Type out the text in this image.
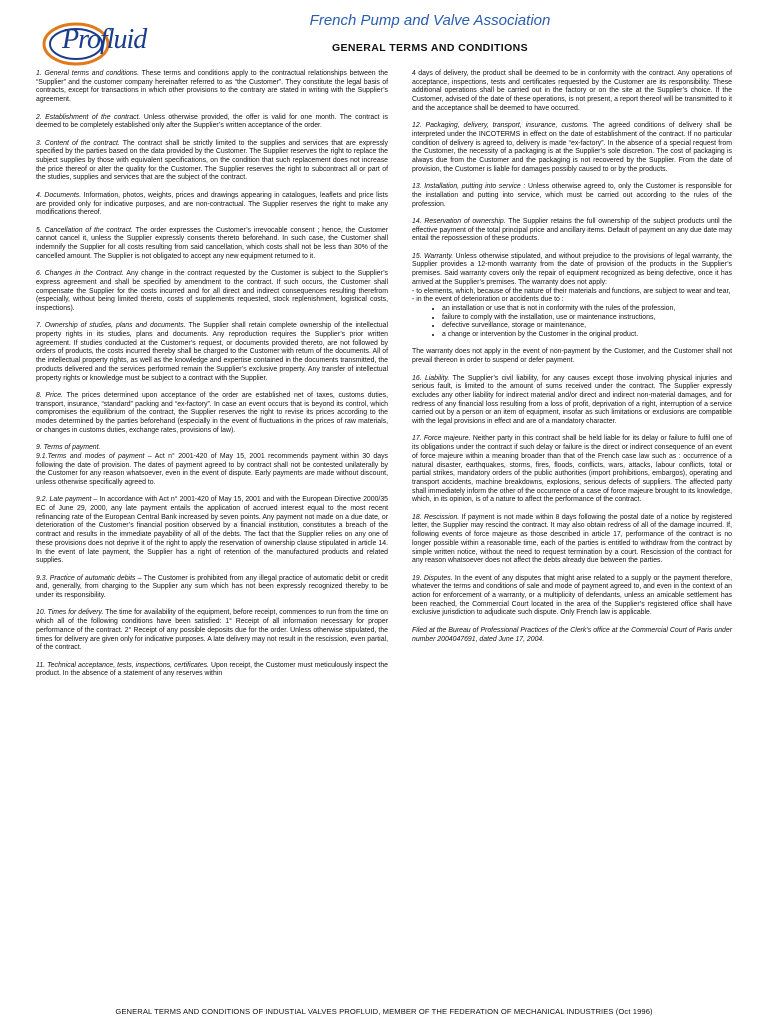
Profluid
French Pump and Valve Association
GENERAL TERMS AND CONDITIONS

1. General terms and conditions. These terms and conditions apply to the contractual relationships between the “Supplier” and the customer company hereinafter referred to as “the Customer”. They constitute the legal basis of contracts, except for transactions in which other provisions to the contrary are stated in writing with the Supplier’s agreement.

2. Establishment of the contract. Unless otherwise provided, the offer is valid for one month. The contract is deemed to be completely established only after the Supplier’s written acceptance of the order.

3. Content of the contract. The contract shall be strictly limited to the supplies and services that are expressly specified by the parties based on the data provided by the Customer. The Supplier reserves the right to replace the subject supplies by those with equivalent specifications, on the condition that such replacement does not increase the price thereof or alter the quality for the Customer. The Supplier reserves the right to subcontract all or part of the studies, supplies and services that are the subject of the contract.

4. Documents. Information, photos, weights, prices and drawings appearing in catalogues, leaflets and price lists are provided only for indicative purposes, and are non-contractual. The Supplier reserves the right to make any modifications thereof.

5. Cancellation of the contract. The order expresses the Customer’s irrevocable consent ; hence, the Customer cannot cancel it, unless the Supplier expressly consents thereto beforehand. In such case, the Customer shall indemnify the Supplier for all costs resulting from said cancellation, which costs shall not be less than 30% of the cancelled amount. The Supplier is not obligated to accept any new equipment returned to it.

6. Changes in the Contract. Any change in the contract requested by the Customer is subject to the Supplier’s express agreement and shall be specified by amendment to the contract. If such occurs, the Customer shall compensate the Supplier for the costs incurred and for all direct and indirect consequences resulting therefrom (especially, without being limited thereto, costs of supplements requested, stock replenishment, logistical costs, inspections).

7. Ownership of studies, plans and documents. The Supplier shall retain complete ownership of the intellectual property rights in its studies, plans and documents. Any reproduction requires the Supplier’s prior written agreement. If studies conducted at the Customer’s request, or documents provided thereto, are not followed by orders of products, the costs incurred thereby shall be charged to the Customer with return of the documents. All of the intellectual property rights, as well as the knowledge and expertise contained in the documents transmitted, the products delivered and the services performed remain the Supplier’s exclusive property. Any transfer of intellectual property rights or knowledge must be subject to a contract with the Supplier.

8. Price. The prices determined upon acceptance of the order are established net of taxes, customs duties, transport, insurance, “standard” packing and “ex-factory”. In case an event occurs that is beyond its control, which compromises the equilibrium of the contract, the Supplier reserves the right to revise its prices according to the modes determined by the parties beforehand (especially in the event of fluctuations in the prices of raw materials, or changes in customs duties, exchange rates, provisions of law).

9. Terms of payment.

9.1.Terms and modes of payment – Act n° 2001-420 of May 15, 2001 recommends payment within 30 days following the date of provision. The dates of payment agreed to by contract shall not be contested unilaterally by the Customer for any reason whatsoever, even in the event of dispute. Early payments are made without discount, unless otherwise specifically agreed to.

9.2. Late payment – In accordance with Act n° 2001-420 of May 15, 2001 and with the European Directive 2000/35 EC of June 29, 2000, any late payment entails the application of accrued interest equal to the most recent refinancing rate of the European Central Bank increased by seven points. Any payment not made on a due date, or deterioration of the Customer’s financial position observed by a financial institution, constitutes a breach of the contract and results in the immediate payability of all of the debts. The fact that the Supplier relies on any one of these provisions does not deprive it of the right to apply the reservation of ownership clause stipulated in article 14. In the event of late payment, the Supplier has a right of retention of the manufactured products and related supplies.

9.3. Practice of automatic debits – The Customer is prohibited from any illegal practice of automatic debit or credit and, generally, from charging to the Supplier any sum which has not been expressly recognized thereby to be under its responsibility.

10. Times for delivery. The time for availability of the equipment, before receipt, commences to run from the time on which all of the following conditions have been satisfied: 1° Receipt of all information necessary for proper performance of the contract. 2° Receipt of any possible deposits due for the order. Unless otherwise stipulated, the times for delivery are given only for indicative purposes. A late delivery may not result in the rescission, even partial, of the contract.

11. Technical acceptance, tests, inspections, certificates. Upon receipt, the Customer must meticulously inspect the product. In the absence of a statement of any reserves within

4 days of delivery, the product shall be deemed to be in conformity with the contract. Any operations of acceptance, inspections, tests and certificates requested by the Customer are its responsibility. These additional operations shall be carried out in the factory or on the site at the Supplier’s choice. If the Customer, advised of the date of these operations, is not present, a report thereof will be transmitted to it and the acceptance shall be deemed to have occurred.

12. Packaging, delivery, transport, insurance, customs. The agreed conditions of delivery shall be interpreted under the INCOTERMS in effect on the date of establishment of the contract. If no particular condition of delivery is agreed to, delivery is made “ex-factory”. In the absence of a special request from the Customer, the necessity of a packaging is at the Supplier’s sole discretion. The cost of packaging is always due from the Customer and the packaging is not recovered by the Supplier. From the date of provision, the Customer is liable for damages possibly caused to or by the products.

13. Installation, putting into service : Unless otherwise agreed to, only the Customer is responsible for the installation and putting into service, which must be carried out according to the rules of the profession.

14. Reservation of ownership. The Supplier retains the full ownership of the subject products until the effective payment of the total principal price and ancillary items. Default of payment on any due date may entail the repossession of these products.

15. Warranty. Unless otherwise stipulated, and without prejudice to the provisions of legal warranty, the Supplier provides a 12-month warranty from the date of provision of the products in the Supplier’s premises. Said warranty covers only the repair of equipment recognized as being defective, once it has arrived at the Supplier’s premises. The warranty does not apply:

- to elements, which, because of the nature of their materials and functions, are subject to wear and tear,

- in the event of deterioration or accidents due to :

• an installation or use that is not in conformity with the rules of the profession,
• failure to comply with the installation, use or maintenance instructions,
• defective surveillance, storage or maintenance,
• a change or intervention by the Customer in the original product.

The warranty does not apply in the event of non-payment by the Customer, and the Customer shall not prevail thereon in order to suspend or defer payment.

16. Liability. The Supplier’s civil liability, for any causes except those involving physical injuries and serious fault, is limited to the amount of sums received under the contract. The Supplier expressly excludes any other liability for indirect material and/or direct and indirect non-material damages, and for redress of any financial loss resulting from a loss of profit, deprivation of a right, interruption of a service carried out by a person or an item of equipment, insofar as such limitations or exclusions are compatible with the legal provisions in effect and are of a mandatory character.

17. Force majeure. Neither party in this contract shall be held liable for its delay or failure to fulfil one of its obligations under the contract if such delay or failure is the direct or indirect consequence of an event of force majeure within a meaning broader than that of the French case law such as : occurrence of a natural disaster, earthquakes, storms, fires, floods, conflicts, wars, attacks, labour conflicts, total or partial strikes, mandatory orders of the public authorities (import prohibitions, embargos), operating and transport accidents, machine breakdowns, explosions, serious defects of suppliers. The affected party shall immediately inform the other of the occurrence of a case of force majeure brought to its knowledge, which, in its opinion, is of a nature to affect the performance of the contract.

18. Rescission. If payment is not made within 8 days following the postal date of a notice by registered letter, the Supplier may rescind the contract. It may also obtain redress of all of the damage incurred. If, following events of force majeure as those described in article 17, performance of the contract is no longer possible within a reasonable time, each of the parties is entitled to withdraw from the contract by simple written notice, without the need to request termination by a court. Rescission of the contract for any reason whatsoever does not affect the debts already due between the parties.

19. Disputes. In the event of any disputes that might arise related to a supply or the payment therefore, whatever the terms and conditions of sale and mode of payment agreed to, and even in the context of an action for enforcement of a warranty, or a multiplicity of defendants, unless an amicable settlement has been reached, the Commercial Court located in the area of the Supplier’s registered office shall have exclusive jurisdiction to adjudicate such dispute. Only French law is applicable.

Filed at the Bureau of Professional Practices of the Clerk’s office at the Commercial Court of Paris under number 2004047691, dated June 17, 2004.

GENERAL TERMS AND CONDITIONS OF INDUSTIAL VALVES PROFLUID, MEMBER OF THE FEDERATION OF MECHANICAL INDUSTRIES (Oct 1996)
